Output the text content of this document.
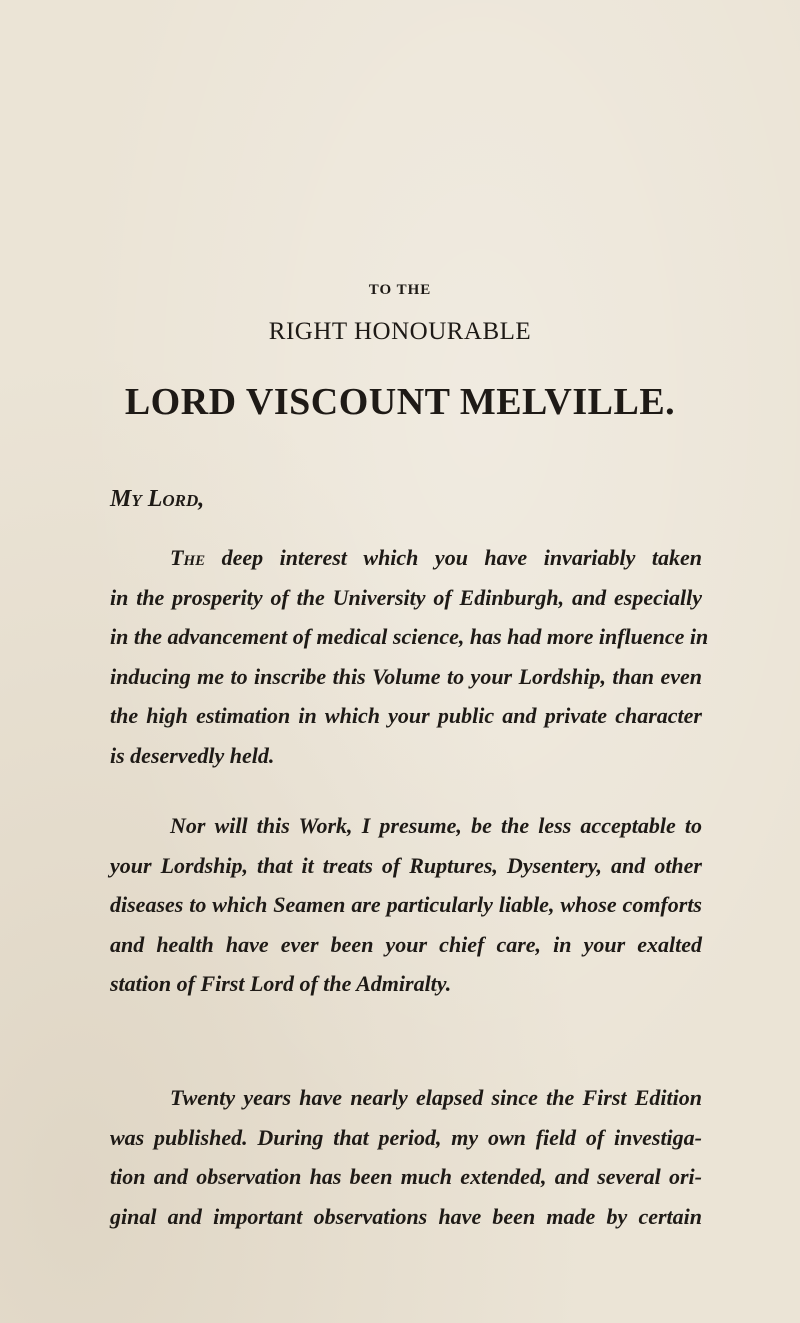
TO THE
RIGHT HONOURABLE
LORD VISCOUNT MELVILLE.
My Lord,

The deep interest which you have invariably taken
in the prosperity of the University of Edinburgh, and especially
in the advancement of medical science, has had more influence in
inducing me to inscribe this Volume to your Lordship, than even
the high estimation in which your public and private character
is deservedly held.

Nor will this Work, I presume, be the less acceptable to
your Lordship, that it treats of Ruptures, Dysentery, and other
diseases to which Seamen are particularly liable, whose comforts
and health have ever been your chief care, in your exalted
station of First Lord of the Admiralty.

Twenty years have nearly elapsed since the First Edition
was published. During that period, my own field of investiga-
tion and observation has been much extended, and several ori-
ginal and important observations have been made by certain
